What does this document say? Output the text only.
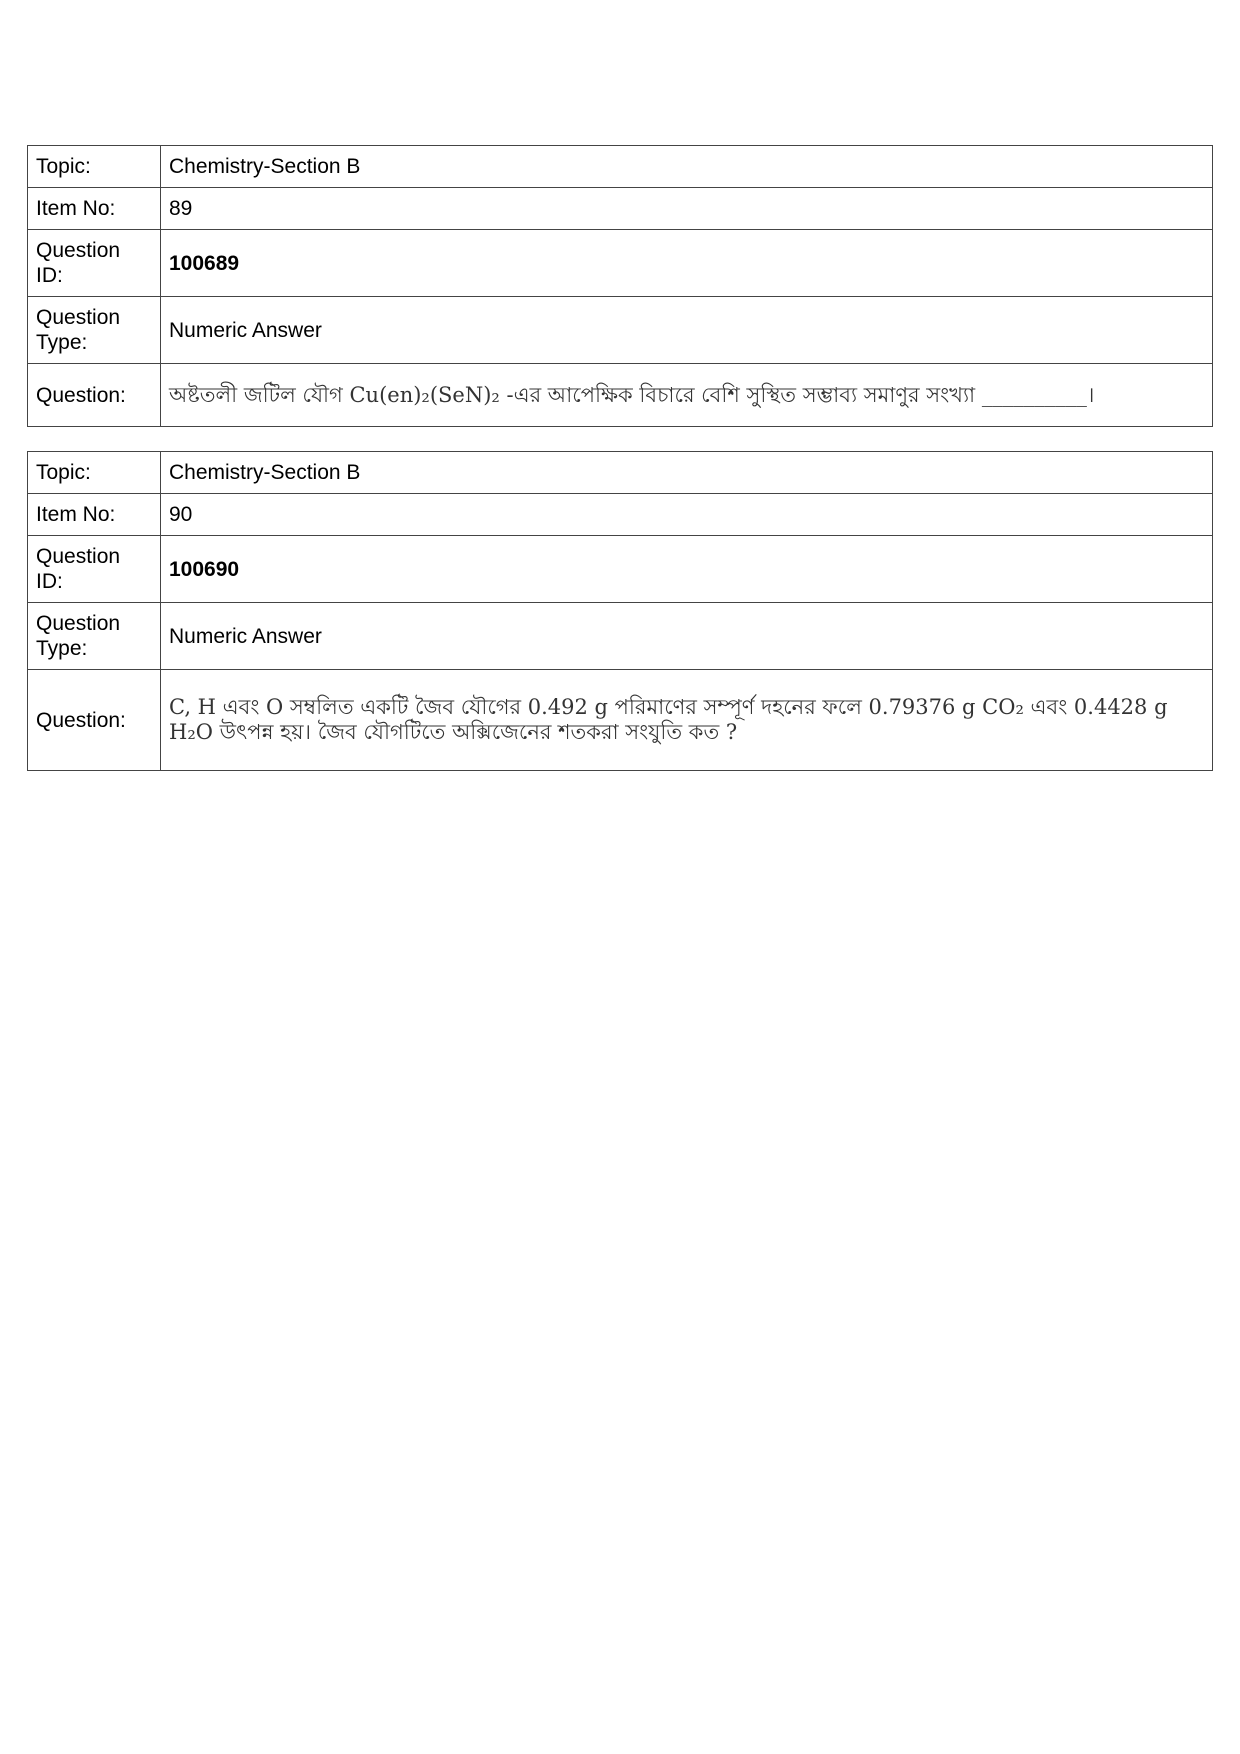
Topic:	Chemistry-Section B
Item No:	89
Question ID:	100689
Question Type:	Numeric Answer
Question:	অষ্টতলী জটিল যৌগ Cu(en)₂(SeN)₂ -এর আপেক্ষিক বিচারে বেশি সুস্থিত সম্ভাব্য সমাণুর সংখ্যা __________।
Topic:	Chemistry-Section B
Item No:	90
Question ID:	100690
Question Type:	Numeric Answer
Question:	C, H এবং O সম্বলিত একটি জৈব যৌগের 0.492 g পরিমাণের সম্পূর্ণ দহনের ফলে 0.79376 g CO₂ এবং 0.4428 g H₂O উৎপন্ন হয়। জৈব যৌগটিতে অক্সিজেনের শতকরা সংযুতি কত ?
